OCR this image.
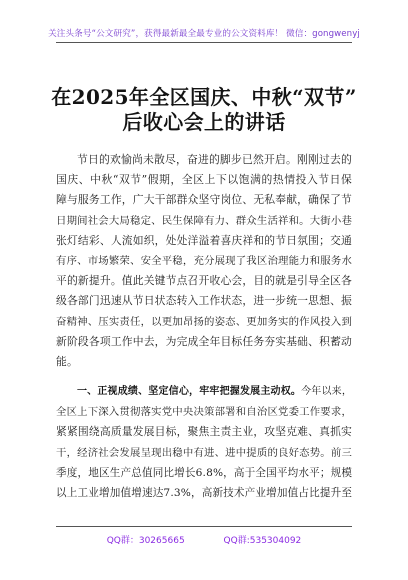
关注头条号“公文研究”，获得最新最全最专业的公文资料库！ 微信：gongwenyj
在2025年全区国庆、中秋“双节”
后收心会上的讲话
节日的欢愉尚未散尽，奋进的脚步已然开启。刚刚过去的
国庆、中秋“双节”假期，全区上下以饱满的热情投入节日保
障与服务工作，广大干部群众坚守岗位、无私奉献，确保了节
日期间社会大局稳定、民生保障有力、群众生活祥和。大街小巷
张灯结彩、人流如织，处处洋溢着喜庆祥和的节日氛围；交通
有序、市场繁荣、安全平稳，充分展现了我区治理能力和服务水
平的新提升。值此关键节点召开收心会，目的就是引导全区各
级各部门迅速从节日状态转入工作状态，进一步统一思想、振
奋精神、压实责任，以更加昂扬的姿态、更加务实的作风投入到
新阶段各项工作中去，为完成全年目标任务夯实基础、积蓄动
能。
一、正视成绩、坚定信心，牢牢把握发展主动权。今年以来，
全区上下深入贯彻落实党中央决策部署和自治区党委工作要求，
紧紧围绕高质量发展目标，聚焦主责主业，攻坚克难、真抓实
干，经济社会发展呈现出稳中有进、进中提质的良好态势。前三
季度，地区生产总值同比增长6.8%，高于全国平均水平；规模
以上工业增加值增速达7.3%，高新技术产业增加值占比提升至
QQ群：30265665	QQ群:535304092
